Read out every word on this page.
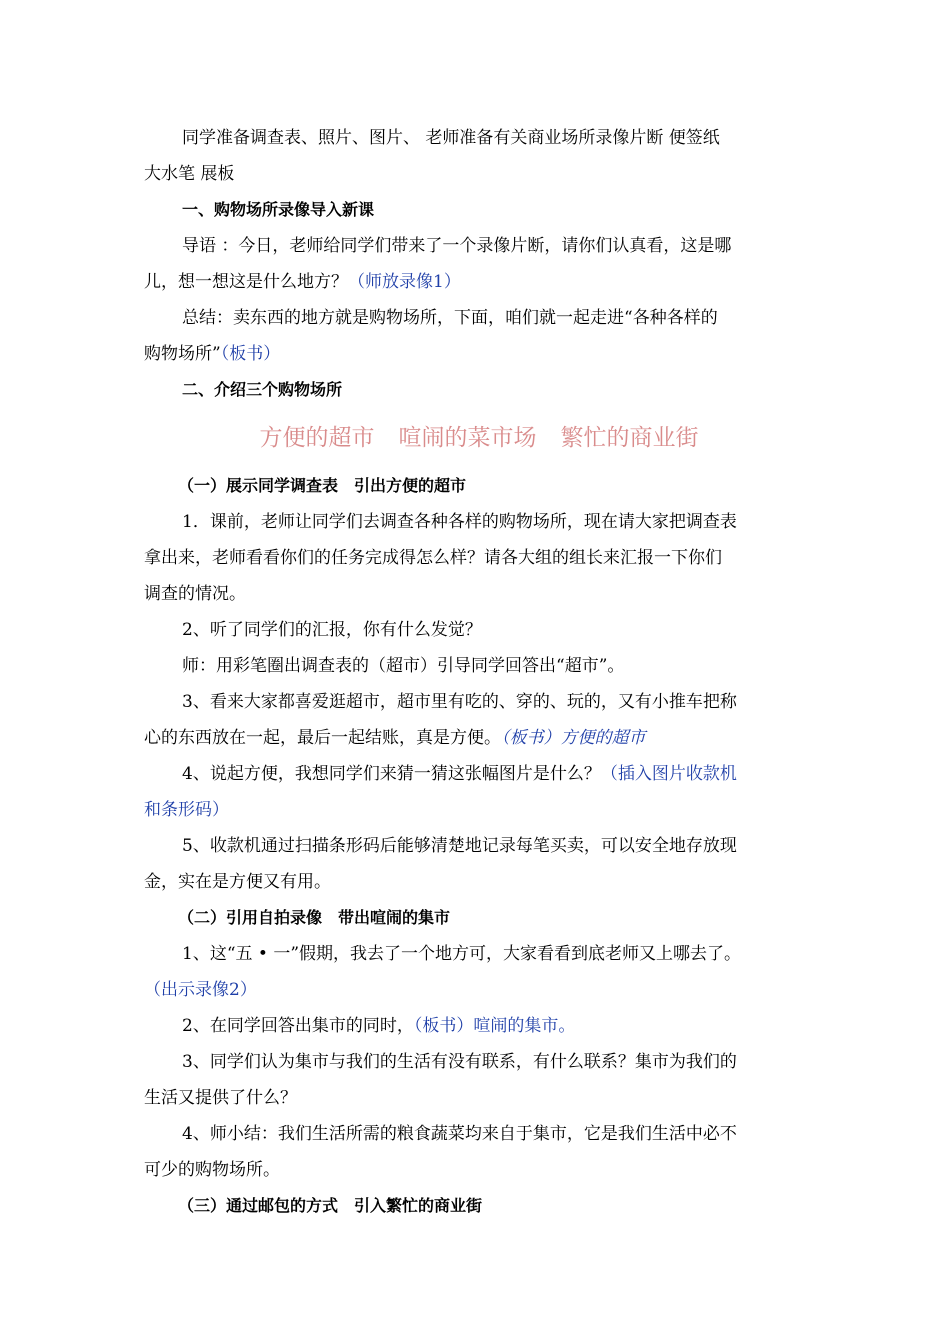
同学准备调查表、照片、图片、 老师准备有关商业场所录像片断 便签纸
大水笔 展板
一、购物场所录像导入新课
导语 ：今日，老师给同学们带来了一个录像片断，请你们认真看，这是哪
儿，想一想这是什么地方？（师放录像1）
总结：卖东西的地方就是购物场所，下面，咱们就一起走进“各种各样的
购物场所”（板书）
二、介绍三个购物场所
方便的超市 喧闹的菜市场 繁忙的商业街
（一）展示同学调查表　引出方便的超市
1．课前，老师让同学们去调查各种各样的购物场所，现在请大家把调查表
拿出来，老师看看你们的任务完成得怎么样？请各大组的组长来汇报一下你们
调查的情况。
2、听了同学们的汇报，你有什么发觉？
师：用彩笔圈出调查表的（超市）引导同学回答出“超市”。
3、看来大家都喜爱逛超市，超市里有吃的、穿的、玩的，又有小推车把称
心的东西放在一起，最后一起结账，真是方便。（板书）方便的超市
4、说起方便，我想同学们来猜一猜这张幅图片是什么？（插入图片收款机
和条形码）
5、收款机通过扫描条形码后能够清楚地记录每笔买卖，可以安全地存放现
金，实在是方便又有用。
（二）引用自拍录像　带出喧闹的集市
1、这“五 • 一”假期，我去了一个地方可，大家看看到底老师又上哪去了。
（出示录像2）
2、在同学回答出集市的同时，（板书）喧闹的集市。
3、同学们认为集市与我们的生活有没有联系，有什么联系？集市为我们的
生活又提供了什么？
4、师小结：我们生活所需的粮食蔬菜均来自于集市，它是我们生活中必不
可少的购物场所。
（三）通过邮包的方式　引入繁忙的商业街
